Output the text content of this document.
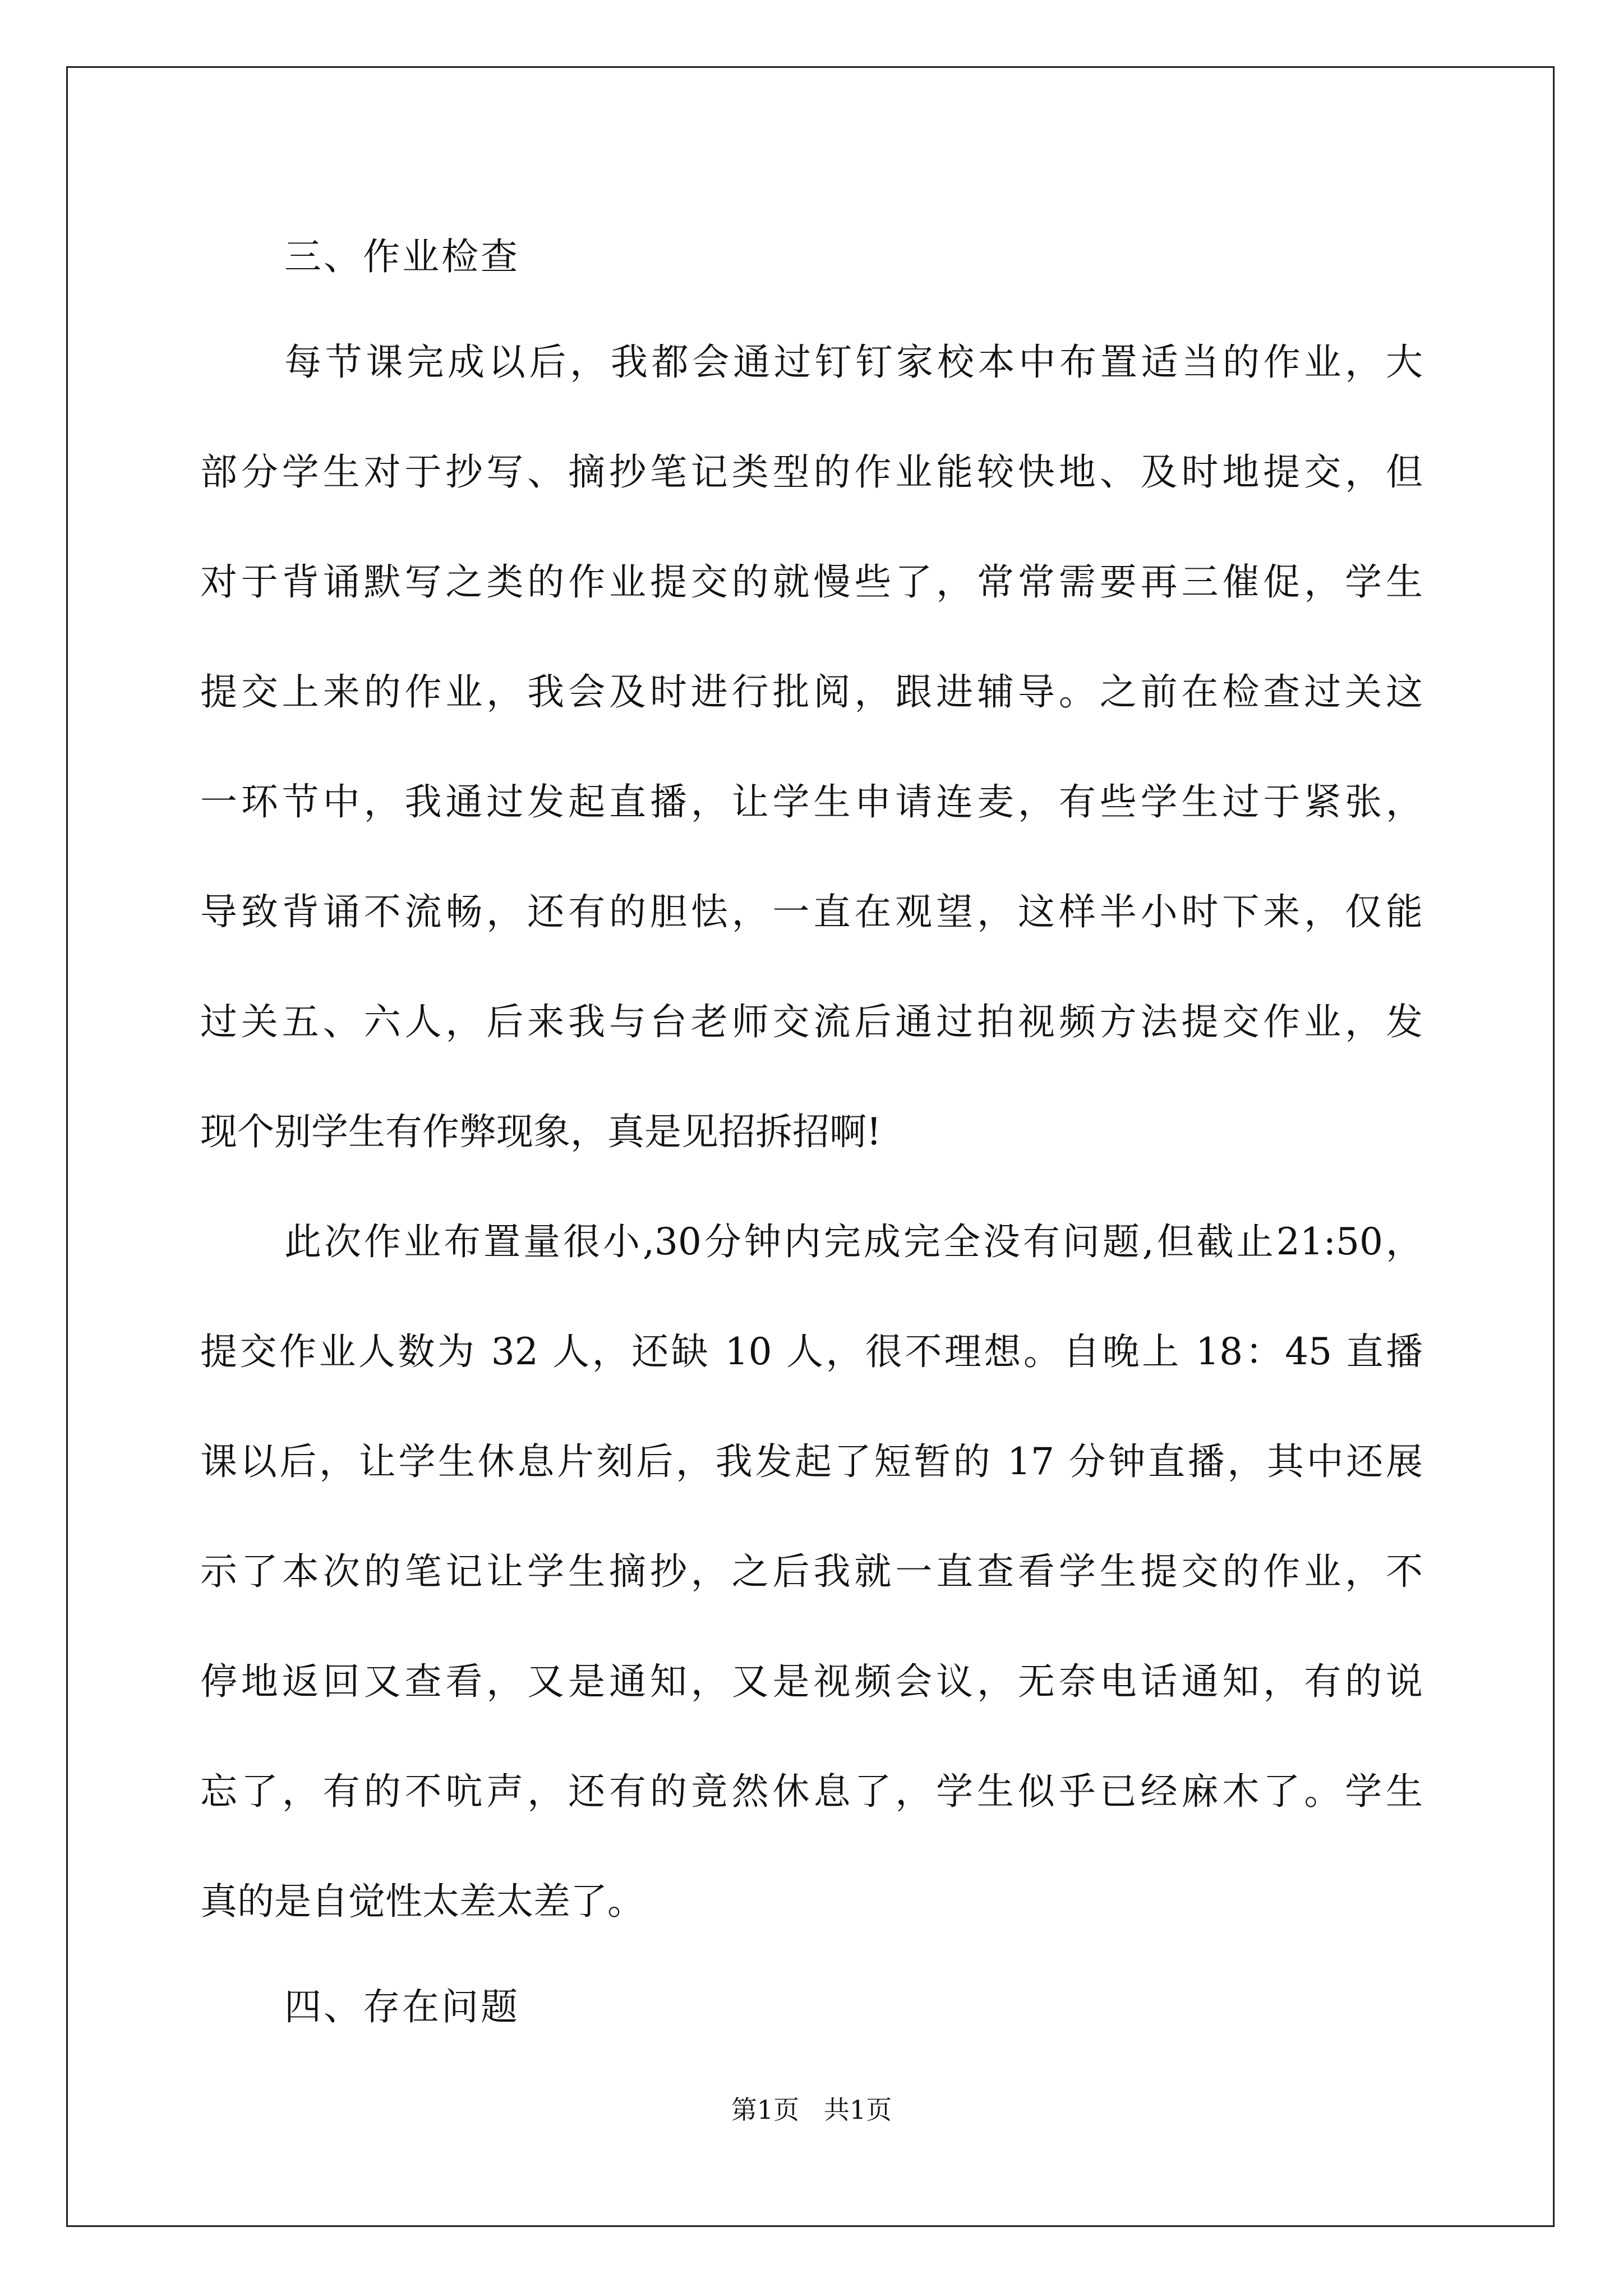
三、作业检查

每节课完成以后，我都会通过钉钉家校本中布置适当的作业，大
部分学生对于抄写、摘抄笔记类型的作业能较快地、及时地提交，但
对于背诵默写之类的作业提交的就慢些了，常常需要再三催促，学生
提交上来的作业，我会及时进行批阅，跟进辅导。之前在检查过关这
一环节中，我通过发起直播，让学生申请连麦，有些学生过于紧张，
导致背诵不流畅，还有的胆怯，一直在观望，这样半小时下来，仅能
过关五、六人，后来我与台老师交流后通过拍视频方法提交作业，发
现个别学生有作弊现象，真是见招拆招啊!
此次作业布置量很小,30分钟内完成完全没有问题,但截止21:50，
提交作业人数为 32 人，还缺 10 人，很不理想。自晚上 18：45 直播
课以后，让学生休息片刻后，我发起了短暂的 17 分钟直播，其中还展
示了本次的笔记让学生摘抄，之后我就一直查看学生提交的作业，不
停地返回又查看，又是通知，又是视频会议，无奈电话通知，有的说
忘了，有的不吭声，还有的竟然休息了，学生似乎已经麻木了。学生
真的是自觉性太差太差了。

四、存在问题

第1页   共1页
